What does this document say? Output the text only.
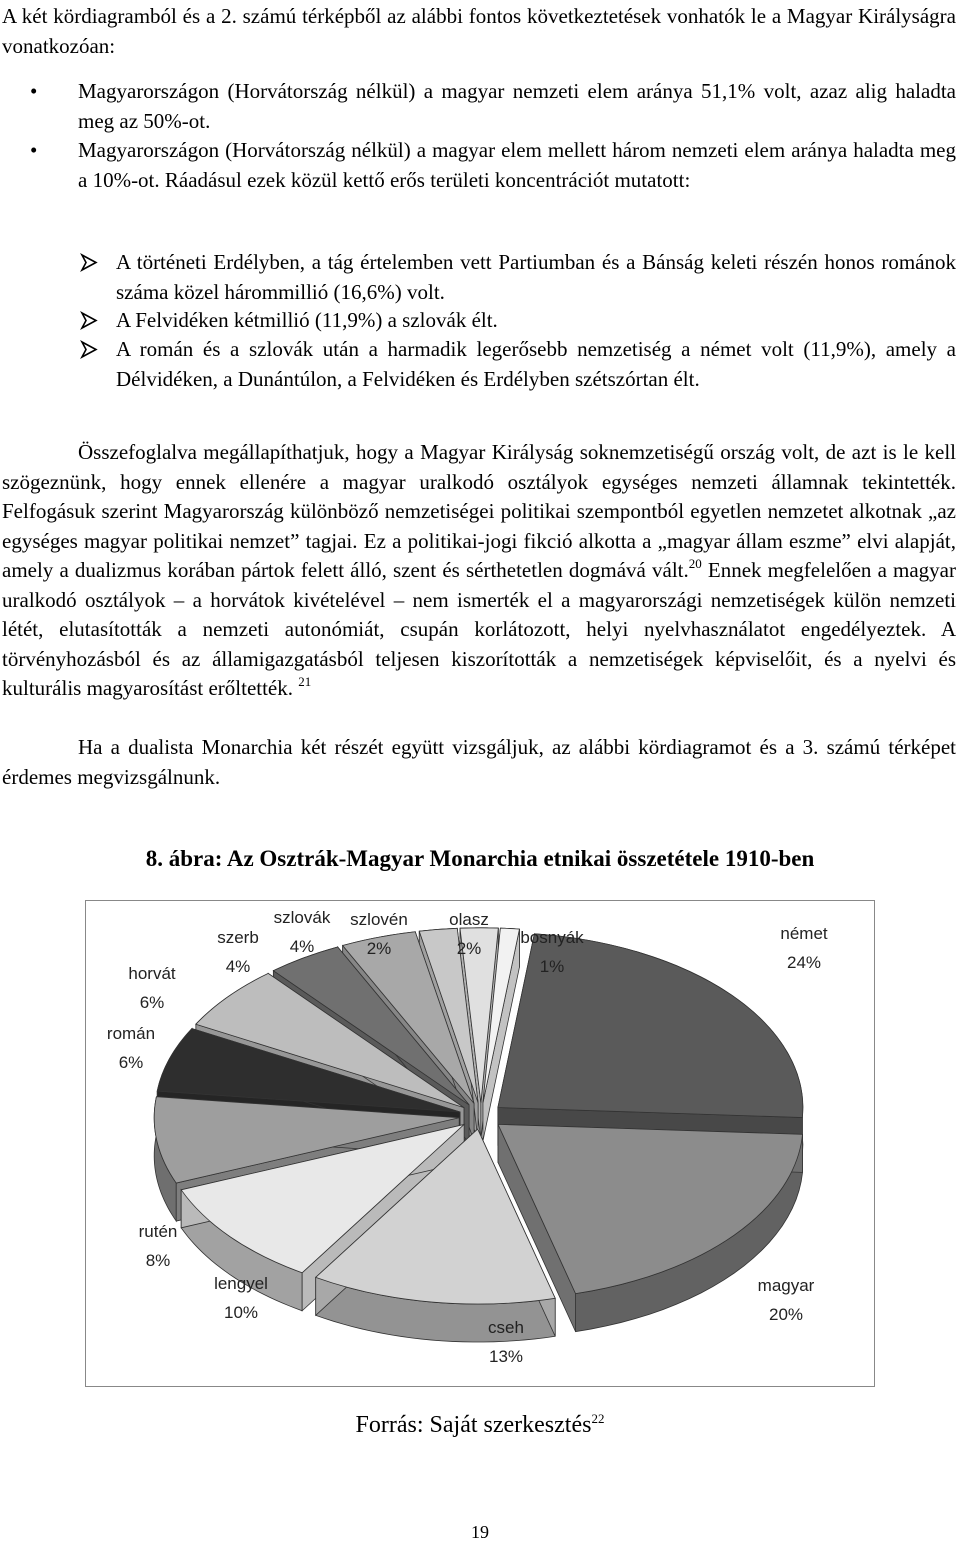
A két kördiagramból és a 2. számú térképből az alábbi fontos következtetések vonhatók le a Magyar Királyságra vonatkozóan:

• Magyarországon (Horvátország nélkül) a magyar nemzeti elem aránya 51,1% volt, azaz alig haladta meg az 50%-ot.

• Magyarországon (Horvátország nélkül) a magyar elem mellett három nemzeti elem aránya haladta meg a 10%-ot. Ráadásul ezek közül kettő erős területi koncentrációt mutatott:

A történeti Erdélyben, a tág értelemben vett Partiumban és a Bánság keleti részén honos románok száma közel hárommillió (16,6%) volt.

A Felvidéken kétmillió (11,9%) a szlovák élt.

A román és a szlovák után a harmadik legerősebb nemzetiség a német volt (11,9%), amely a Délvidéken, a Dunántúlon, a Felvidéken és Erdélyben szétszórtan élt.

Összefoglalva megállapíthatjuk, hogy a Magyar Királyság soknemzetiségű ország volt, de azt is le kell szögeznünk, hogy ennek ellenére a magyar uralkodó osztályok egységes nemzeti államnak tekintették. Felfogásuk szerint Magyarország különböző nemzetiségei politikai szempontból egyetlen nemzetet alkotnak „az egységes magyar politikai nemzet” tagjai. Ez a politikai-jogi fikció alkotta a „magyar állam eszme” elvi alapját, amely a dualizmus korában pártok felett álló, szent és sérthetetlen dogmává vált.$^{20}$ Ennek megfelelően a magyar uralkodó osztályok – a horvátok kivételével – nem ismerték el a magyarországi nemzetiségek külön nemzeti létét, elutasították a nemzeti autonómiát, csupán korlátozott, helyi nyelvhasználatot engedélyeztek. A törvényhozásból és az államigazgatásból teljesen kiszorították a nemzetiségek képviselőit, és a nyelvi és kulturális magyarosítást erőltették. $^{21}$

Ha a dualista Monarchia két részét együtt vizsgáljuk, az alábbi kördiagramot és a 3. számú térképet érdemes megvizsgálnunk.

8. ábra: Az Osztrák-Magyar Monarchia etnikai összetétele 1910-ben
német
24%
magyar
20%
cseh
13%
lengyel
10%
rutén
8%
román
6%
horvát
6%
szerb
4%
szlovák
4%
szlovén
2%
olasz
2%
bosnyák
1%
Forrás: Saját szerkesztés$^{22}$
19
